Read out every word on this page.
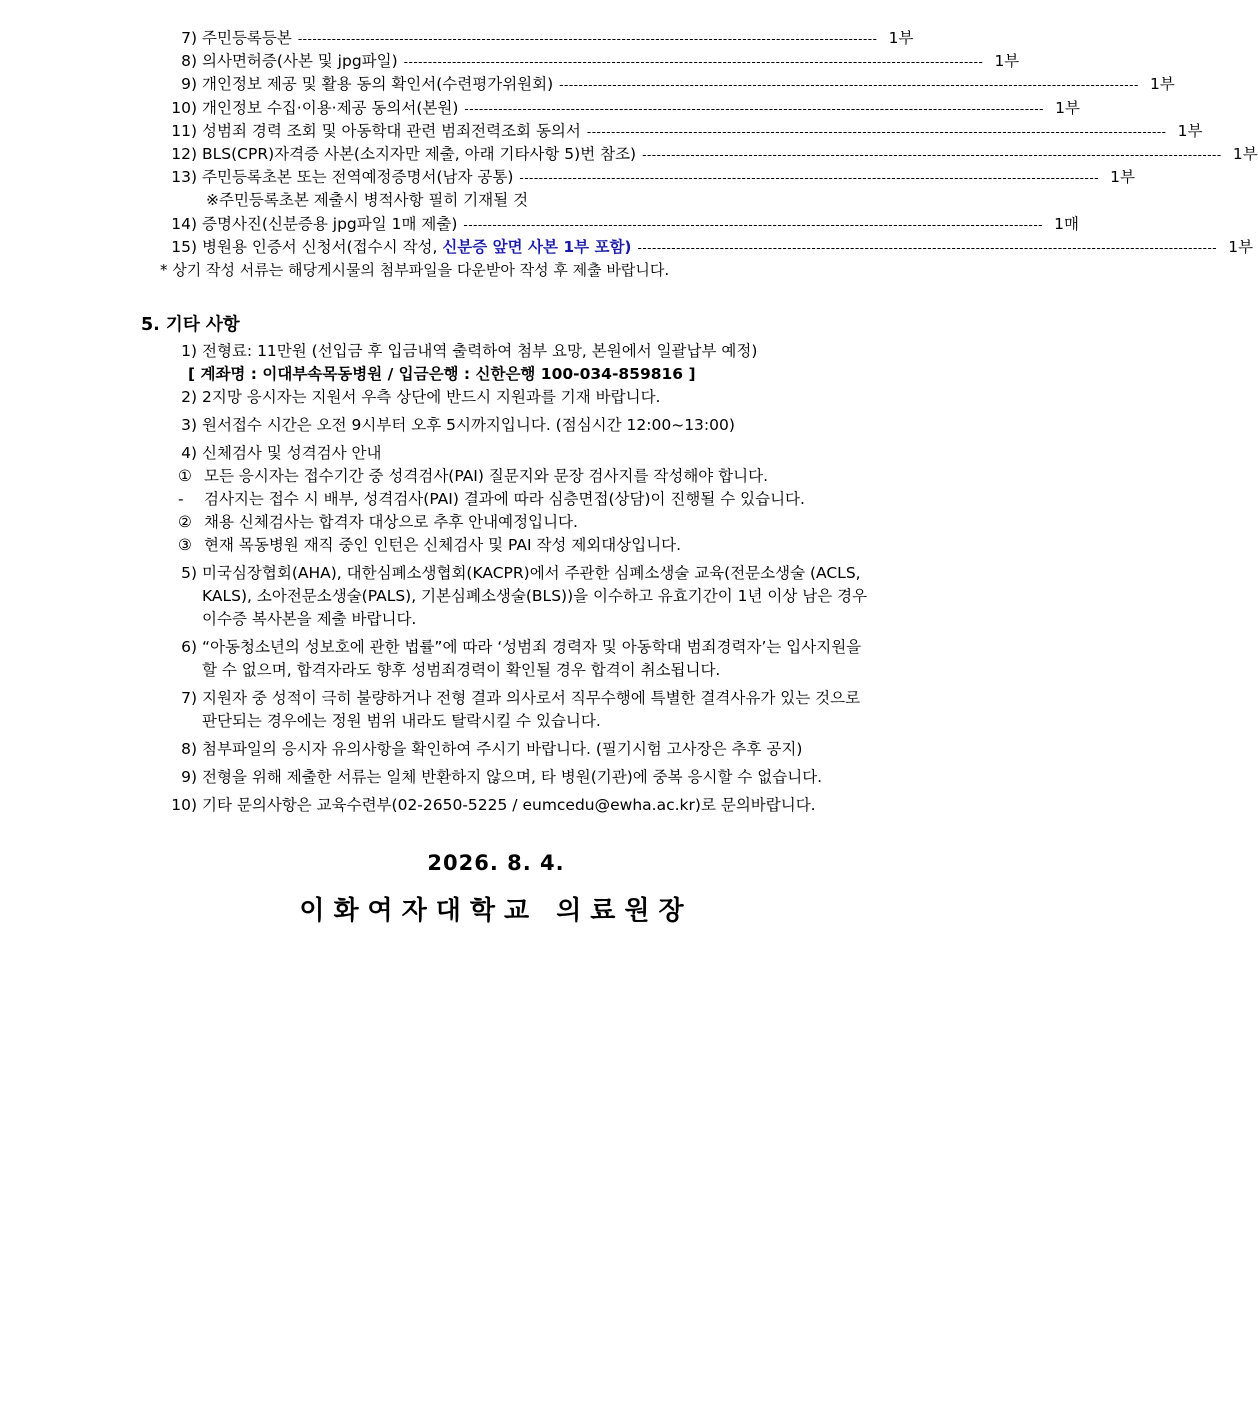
7) 주민등록등본 ------------------------------------------------------------------------------------------------------------------------ 1부
8) 의사면허증(사본 및 jpg파일) ------------------------------------------------------------------------------------------------------------------------ 1부
9) 개인정보 제공 및 활용 동의 확인서(수련평가위원회) ------------------------------------------------------------------------------------------------------------------------ 1부
10) 개인정보 수집·이용·제공 동의서(본원) ------------------------------------------------------------------------------------------------------------------------ 1부
11) 성범죄 경력 조회 및 아동학대 관련 범죄전력조회 동의서 ------------------------------------------------------------------------------------------------------------------------ 1부
12) BLS(CPR)자격증 사본(소지자만 제출, 아래 기타사항 5)번 참조) ------------------------------------------------------------------------------------------------------------------------ 1부
13) 주민등록초본 또는 전역예정증명서(남자 공통) ------------------------------------------------------------------------------------------------------------------------ 1부
※주민등록초본 제출시 병적사항 필히 기재될 것
14) 증명사진(신분증용 jpg파일 1매 제출) ------------------------------------------------------------------------------------------------------------------------ 1매
15) 병원용 인증서 신청서(접수시 작성, 신분증 앞면 사본 1부 포함) ------------------------------------------------------------------------------------------------------------------------ 1부
* 상기 작성 서류는 해당게시물의 첨부파일을 다운받아 작성 후 제출 바랍니다.
5. 기타 사항
1) 전형료: 11만원 (선입금 후 입금내역 출력하여 첨부 요망, 본원에서 일괄납부 예정)
[ 계좌명 : 이대부속목동병원 / 입금은행 : 신한은행 100-034-859816 ]
2) 2지망 응시자는 지원서 우측 상단에 반드시 지원과를 기재 바랍니다.
3) 원서접수 시간은 오전 9시부터 오후 5시까지입니다. (점심시간 12:00~13:00)
4) 신체검사 및 성격검사 안내
① 모든 응시자는 접수기간 중 성격검사(PAI) 질문지와 문장 검사지를 작성해야 합니다.
-	검사지는 접수 시 배부, 성격검사(PAI) 결과에 따라 심층면접(상담)이 진행될 수 있습니다.
② 채용 신체검사는 합격자 대상으로 추후 안내예정입니다.
③ 현재 목동병원 재직 중인 인턴은 신체검사 및 PAI 작성 제외대상입니다.
5) 미국심장협회(AHA), 대한심폐소생협회(KACPR)에서 주관한 심폐소생술 교육(전문소생술 (ACLS, KALS), 소아전문소생술(PALS), 기본심폐소생술(BLS))을 이수하고 유효기간이 1년 이상 남은 경우 이수증 복사본을 제출 바랍니다.
6) “아동청소년의 성보호에 관한 법률”에 따라 ‘성범죄 경력자 및 아동학대 범죄경력자’는 입사지원을 할 수 없으며, 합격자라도 향후 성범죄경력이 확인될 경우 합격이 취소됩니다.
7) 지원자 중 성적이 극히 불량하거나 전형 결과 의사로서 직무수행에 특별한 결격사유가 있는 것으로 판단되는 경우에는 정원 범위 내라도 탈락시킬 수 있습니다.
8) 첨부파일의 응시자 유의사항을 확인하여 주시기 바랍니다. (필기시험 고사장은 추후 공지)
9) 전형을 위해 제출한 서류는 일체 반환하지 않으며, 타 병원(기관)에 중복 응시할 수 없습니다.
10) 기타 문의사항은 교육수련부(02-2650-5225 / eumcedu@ewha.ac.kr)로 문의바랍니다.
2026. 8. 4.
이화여자대학교 의료원장
